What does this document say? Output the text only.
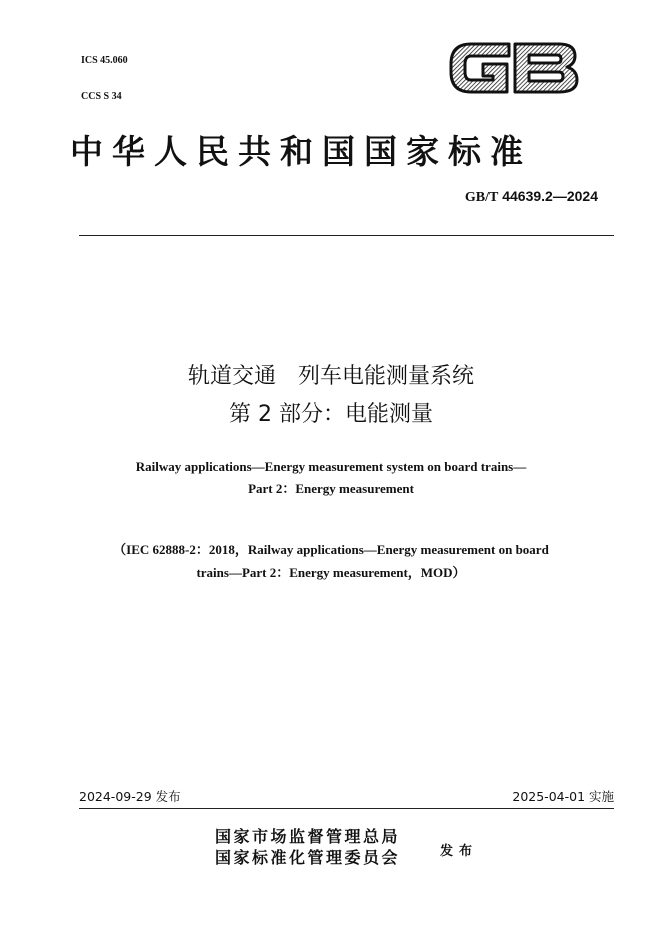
ICS 45.060

CCS S 34

中华人民共和国国家标准
GB/T 44639.2—2024
轨道交通　列车电能测量系统
第 2 部分：电能测量
Railway applications—Energy measurement system on board trains—
Part 2：Energy measurement
（IEC 62888-2：2018，Railway applications—Energy measurement on board
trains—Part 2：Energy measurement，MOD）
2024-09-29 发布	2025-04-01 实施
国家市场监督管理总局
国家标准化管理委员会	发布
